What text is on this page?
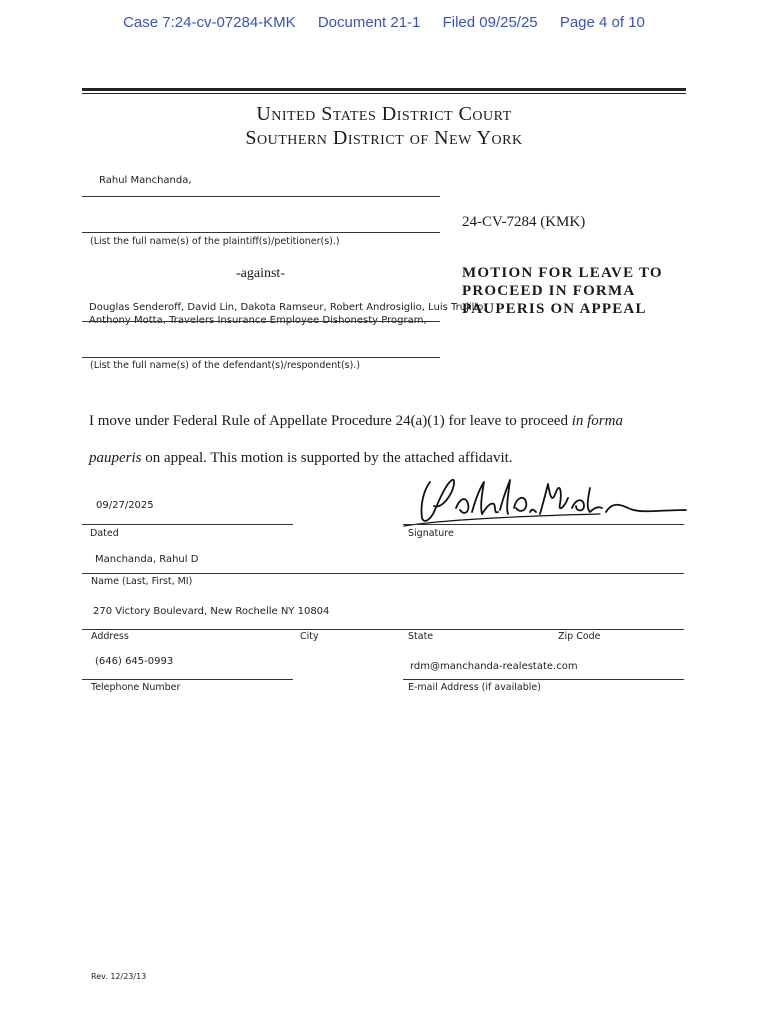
Case 7:24-cv-07284-KMK Document 21-1 Filed 09/25/25 Page 4 of 10
United States District Court
Southern District of New York
Rahul Manchanda,
(List the full name(s) of the plaintiff(s)/petitioner(s).)
-against-
Douglas Senderoff, David Lin, Dakota Ramseur, Robert Androsiglio, Luis Trujillo,
Anthony Motta, Travelers Insurance Employee Dishonesty Program,
(List the full name(s) of the defendant(s)/respondent(s).)
24-CV-7284 (KMK)
MOTION FOR LEAVE TO
PROCEED IN FORMA
PAUPERIS ON APPEAL
I move under Federal Rule of Appellate Procedure 24(a)(1) for leave to proceed in forma
pauperis on appeal. This motion is supported by the attached affidavit.
09/27/2025
Dated	Signature
Manchanda, Rahul D
Name (Last, First, MI)
270 Victory Boulevard, New Rochelle NY 10804
Address	City	State	Zip Code
(646) 645-0993
Telephone Number
rdm@manchanda-realestate.com
E-mail Address (if available)
Rev. 12/23/13
